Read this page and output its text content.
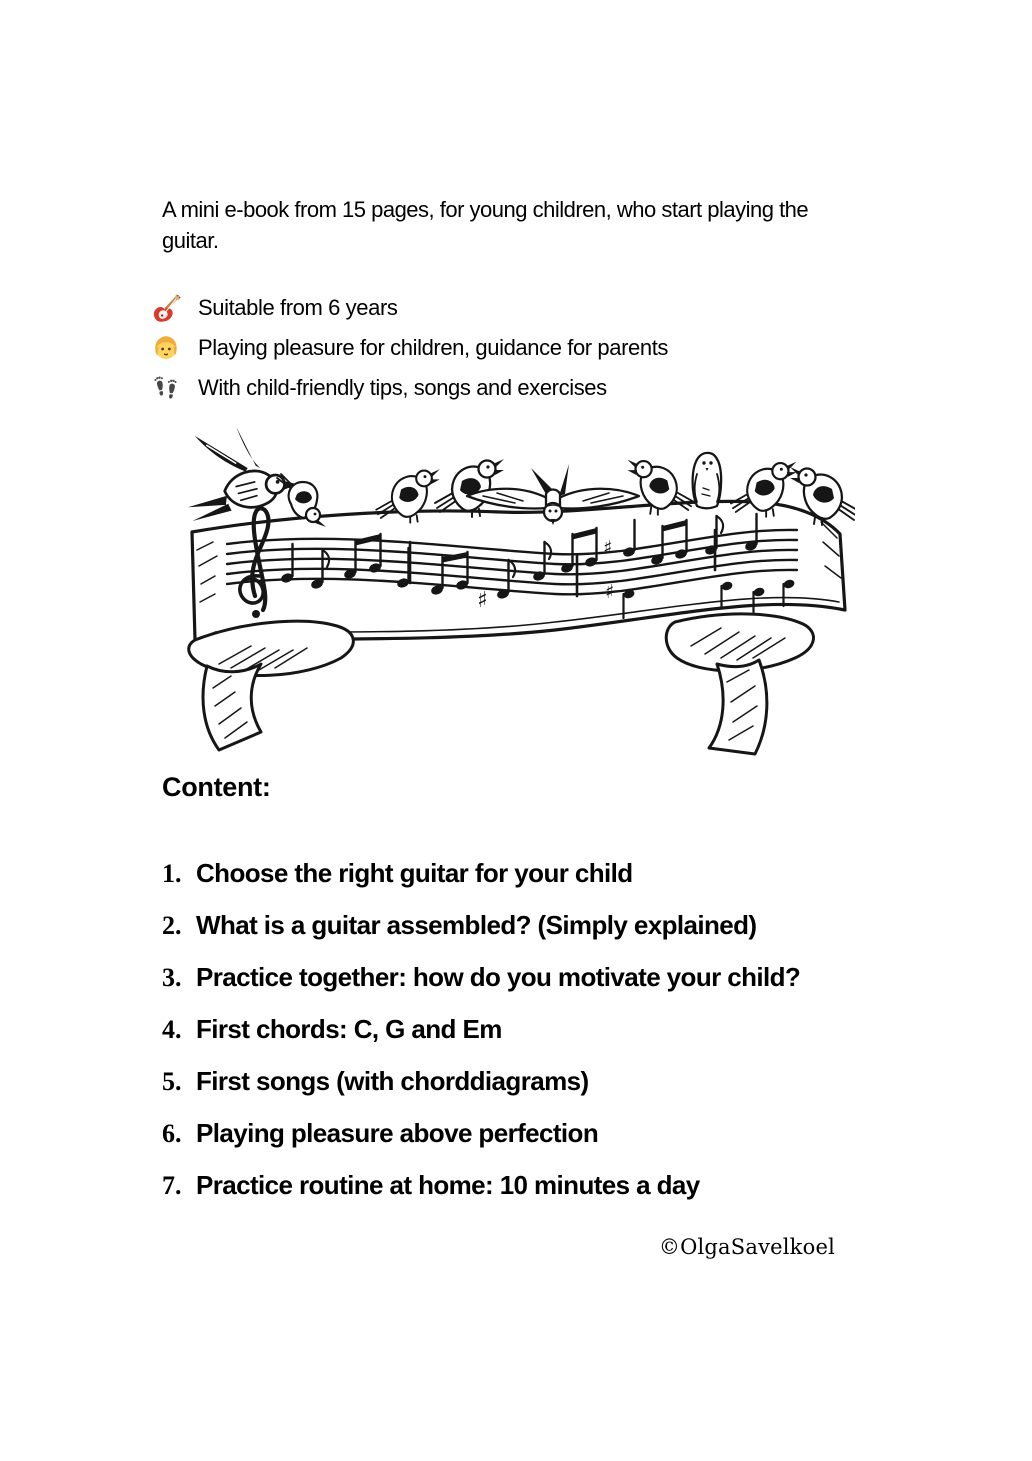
A mini e-book from 15 pages, for young children, who start playing the guitar.

Suitable from 6 years
Playing pleasure for children, guidance for parents
With child-friendly tips, songs and exercises
♯
♯
♯
Content:
1. Choose the right guitar for your child
2. What is a guitar assembled? (Simply explained)
3. Practice together: how do you motivate your child?
4. First chords: C, G and Em
5. First songs (with chorddiagrams)
6. Playing pleasure above perfection
7. Practice routine at home: 10 minutes a day
©OlgaSavelkoel
